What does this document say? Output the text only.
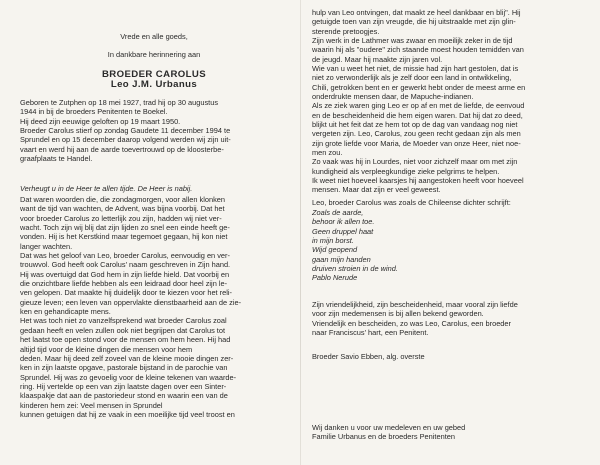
Vrede en alle goeds,
In dankbare herinnering aan
BROEDER CAROLUS
Leo J.M. Urbanus
Geboren te Zutphen op 18 mei 1927, trad hij op 30 augustus
1944 in bij de broeders Penitenten te Boekel.
Hij deed zijn eeuwige geloften op 19 maart 1950.
Broeder Carolus stierf op zondag Gaudete 11 december 1994 te
Sprundel en op 15 december daarop volgend werden wij zijn uit-
vaart en werd hij aan de aarde toevertrouwd op de kloosterbe-
graafplaats te Handel.
Verheugt u in de Heer te allen tijde. De Heer is nabij.
Dat waren woorden die, die zondagmorgen, voor allen klonken
want de tijd van wachten, de Advent, was bijna voorbij. Dat het
voor broeder Carolus zo letterlijk zou zijn, hadden wij niet ver-
wacht. Toch zijn wij blij dat zijn lijden zo snel een einde heeft ge-
vonden. Hij is het Kerstkind maar tegemoet gegaan, hij kon niet
langer wachten.
Dat was het geloof van Leo, broeder Carolus, eenvoudig en ver-
trouwvol. God heeft ook Carolus' naam geschreven in Zijn hand.
Hij was overtuigd dat God hem in zijn liefde hield. Dat voorbij en
die onzichtbare liefde hebben als een leidraad door heel zijn le-
ven gelopen. Dat maakte hij duidelijk door te kiezen voor het reli-
gieuze leven; een leven van oppervlakte dienstbaarheid aan de zie-
ken en gehandicapte mens.
Het was toch niet zo vanzelfsprekend wat broeder Carolus zoal
gedaan heeft en velen zullen ook niet begrijpen dat Carolus tot
het laatst toe open stond voor de mensen om hem heen. Hij had
altijd tijd voor de kleine dingen die mensen voor hem
deden. Maar hij deed zelf zoveel van de kleine mooie dingen zer-
ken in zijn laatste opgave, pastorale bijstand in de parochie van
Sprundel. Hij was zo gevoelig voor de kleine tekenen van waarde-
ring. Hij vertelde op een van zijn laatste dagen over een Sinter-
klaaspakje dat aan de pastoriedeur stond en waarin een van de
kinderen hem zei: Veel mensen in Sprundel
kunnen getuigen dat hij ze vaak in een moeilijke tijd veel troost en
hulp van Leo ontvingen, dat maakt ze heel dankbaar en blij". Hij
getuigde toen van zijn vreugde, die hij uitstraalde met zijn glin-
sterende pretoogjes.
Zijn werk in de Lathmer was zwaar en moeilijk zeker in de tijd
waarin hij als "oudere" zich staande moest houden temidden van
de jeugd. Maar hij maakte zijn jaren vol.
Wie van u weet het niet, de missie had zijn hart gestolen, dat is
niet zo verwonderlijk als je zelf door een land in ontwikkeling,
Chili, getrokken bent en er gewerkt hebt onder de meest arme en
onderdrukte mensen daar, de Mapuche-indianen.
Als ze ziek waren ging Leo er op af en met de liefde, de eenvoud
en de bescheidenheid die hem eigen waren. Dat hij dat zo deed,
blijkt uit het feit dat ze hem tot op de dag van vandaag nog niet
vergeten zijn. Leo, Carolus, zou geen recht gedaan zijn als men
zijn grote liefde voor Maria, de Moeder van onze Heer, niet noe-
men zou.
Zo vaak was hij in Lourdes, niet voor zichzelf maar om met zijn
kundigheid als verpleegkundige zieke pelgrims te helpen.
Ik weet niet hoeveel kaarsjes hij aangestoken heeft voor hoeveel
mensen. Maar dat zijn er veel geweest.
Leo, broeder Carolus was zoals de Chileense dichter schrijft:
Zoals de aarde,
behoor ik allen toe.
Geen druppel haat
in mijn borst.
Wijd geopend
gaan mijn handen
druiven stroien in de wind.
Pablo Nerude
Zijn vriendelijkheid, zijn bescheidenheid, maar vooral zijn liefde
voor zijn medemensen is bij allen bekend geworden.
Vriendelijk en bescheiden, zo was Leo, Carolus, een broeder
naar Franciscus' hart, een Penitent.
Broeder Savio Ebben, alg. overste
Wij danken u voor uw medeleven en uw gebed
Familie Urbanus en de broeders Penitenten
